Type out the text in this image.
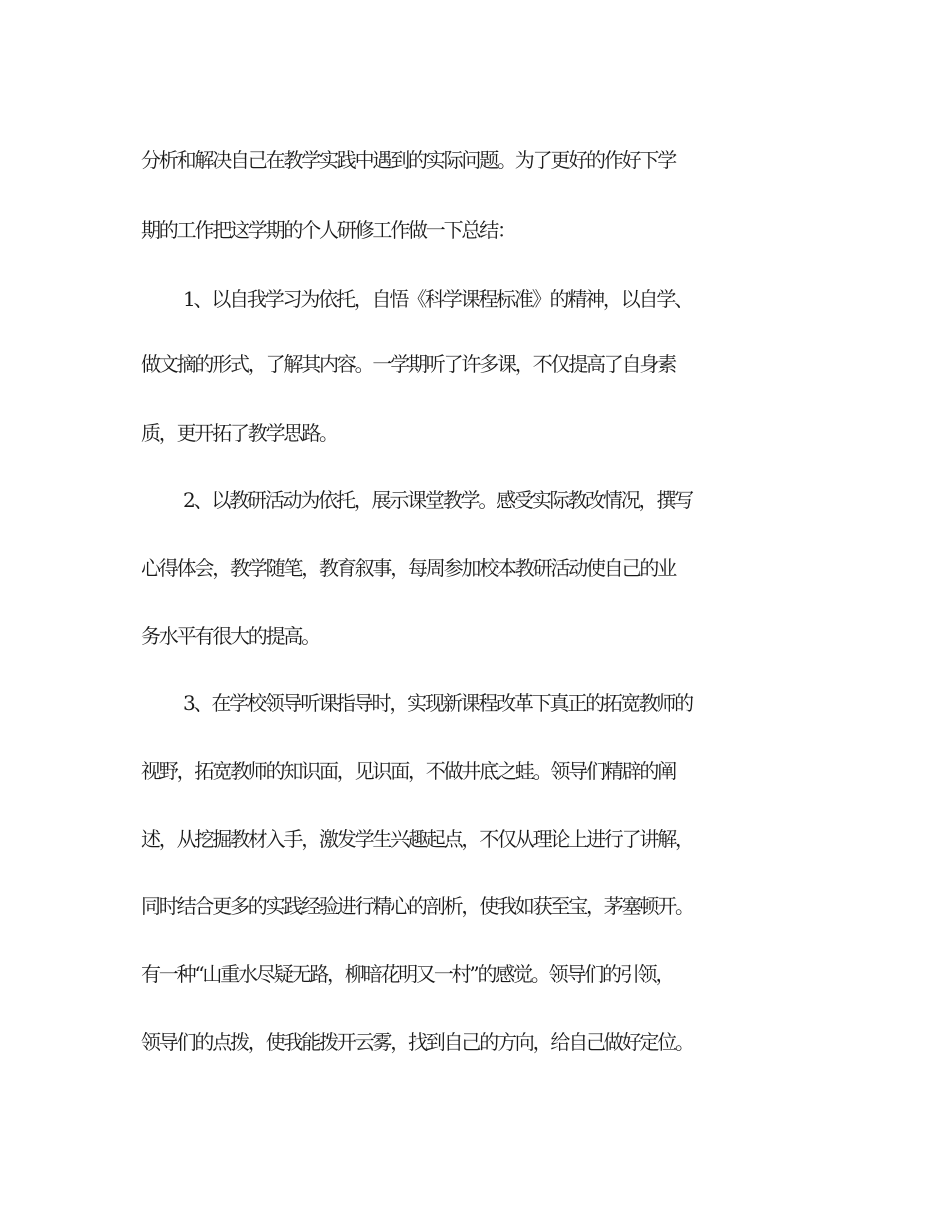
分析和解决自己在教学实践中遇到的实际问题。为了更好的作好下学

期的工作把这学期的个人研修工作做一下总结：

1、以自我学习为依托，自悟《科学课程标准》的精神，以自学、

做文摘的形式，了解其内容。一学期听了许多课，不仅提高了自身素

质，更开拓了教学思路。

2、以教研活动为依托，展示课堂教学。感受实际教改情况，撰写

心得体会，教学随笔，教育叙事，每周参加校本教研活动使自己的业

务水平有很大的提高。

3、在学校领导听课指导时，实现新课程改革下真正的拓宽教师的

视野，拓宽教师的知识面，见识面，不做井底之蛙。领导们精辟的阐

述，从挖掘教材入手，激发学生兴趣起点，不仅从理论上进行了讲解，

同时结合更多的实践经验进行精心的剖析，使我如获至宝，茅塞顿开。

有一种“山重水尽疑无路，柳暗花明又一村”的感觉。领导们的引领，

领导们的点拨，使我能拨开云雾，找到自己的方向，给自己做好定位。
